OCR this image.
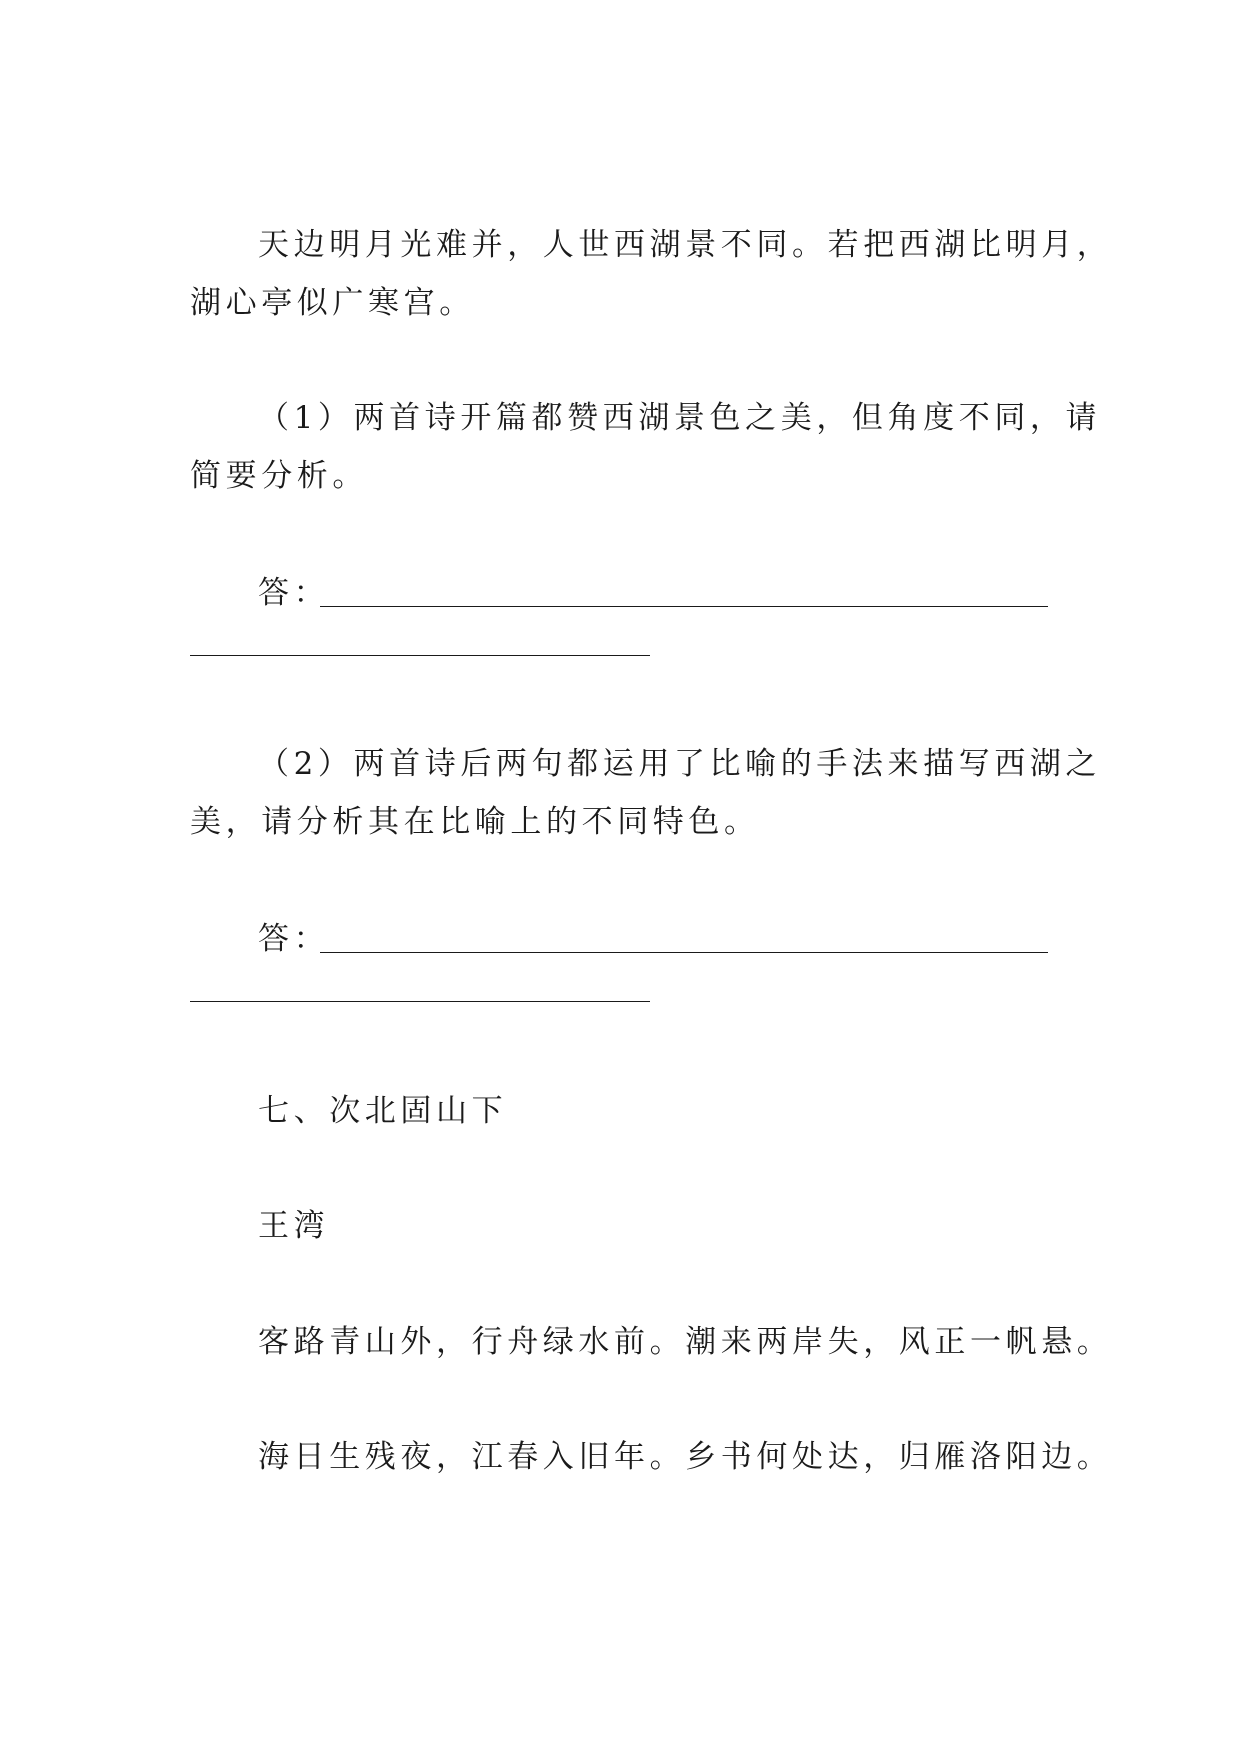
天边明月光难并，人世西湖景不同。若把西湖比明月，
湖心亭似广寒宫。
（1）两首诗开篇都赞西湖景色之美，但角度不同，请
简要分析。
答：
（2）两首诗后两句都运用了比喻的手法来描写西湖之
美，请分析其在比喻上的不同特色。
答：
七、次北固山下
王湾
客路青山外，行舟绿水前。潮来两岸失，风正一帆悬。
海日生残夜，江春入旧年。乡书何处达，归雁洛阳边。
